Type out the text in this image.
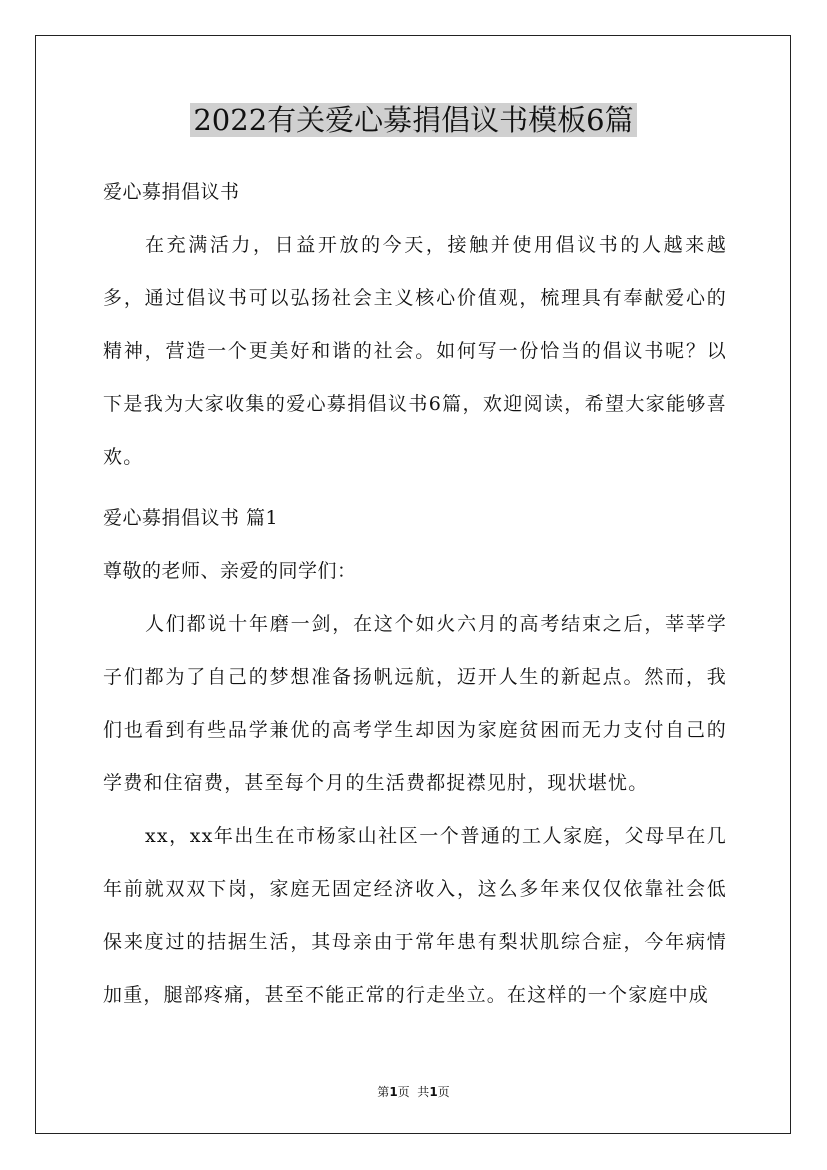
2022有关爱心募捐倡议书模板6篇

爱心募捐倡议书

在充满活力，日益开放的今天，接触并使用倡议书的人越来越多，通过倡议书可以弘扬社会主义核心价值观，梳理具有奉献爱心的精神，营造一个更美好和谐的社会。如何写一份恰当的倡议书呢？以下是我为大家收集的爱心募捐倡议书6篇，欢迎阅读，希望大家能够喜欢。

爱心募捐倡议书 篇1

尊敬的老师、亲爱的同学们：

人们都说十年磨一剑，在这个如火六月的高考结束之后，莘莘学子们都为了自己的梦想准备扬帆远航，迈开人生的新起点。然而，我们也看到有些品学兼优的高考学生却因为家庭贫困而无力支付自己的学费和住宿费，甚至每个月的生活费都捉襟见肘，现状堪忧。

xx，xx年出生在市杨家山社区一个普通的工人家庭，父母早在几年前就双双下岗，家庭无固定经济收入，这么多年来仅仅依靠社会低保来度过的拮据生活，其母亲由于常年患有梨状肌综合症，今年病情加重，腿部疼痛，甚至不能正常的行走坐立。在这样的一个家庭中成

第1页  共1页
